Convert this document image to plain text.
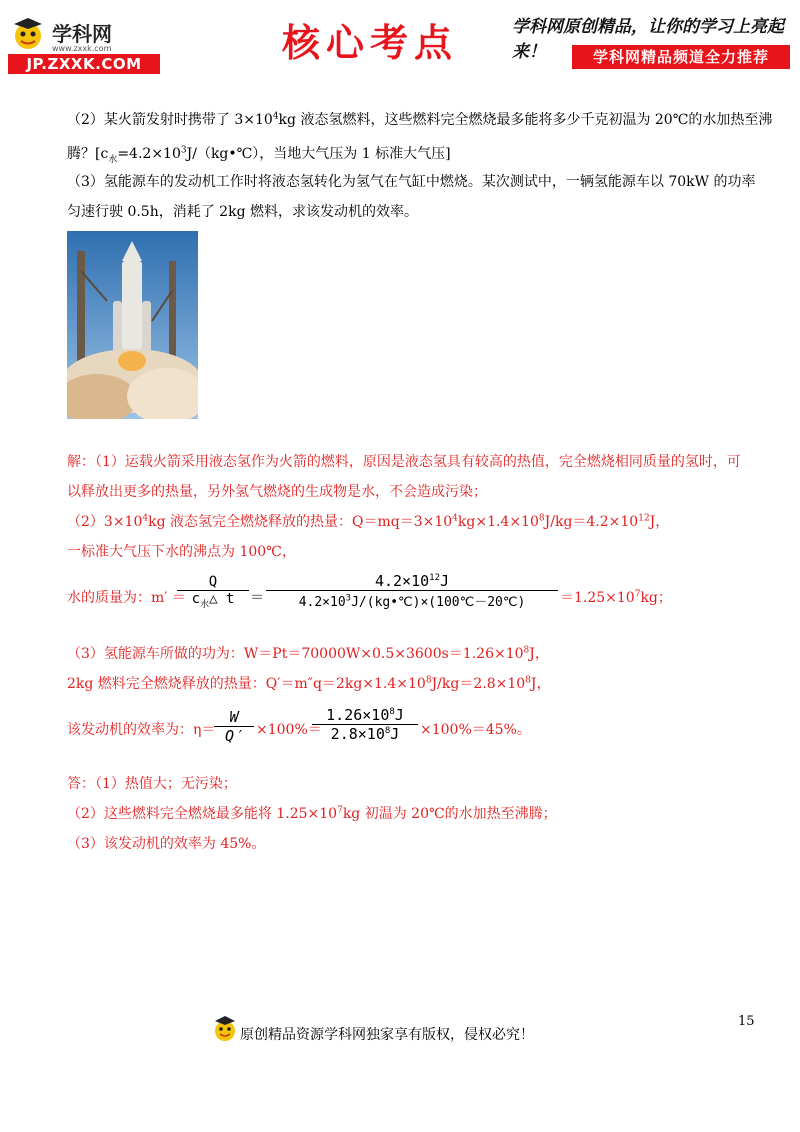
学科网
www.zxxk.com
JP.ZXXK.COM	核心考点	学科网原创精品，让你的学习上亮起来！	学科网精品频道全力推荐
（2）某火箭发射时携带了 $3\times 10^4kg$ 液态氢燃料，这些燃料完全燃烧最多能将多少千克初温为 20℃的水加热至沸
腾？[$c_水=4.2\times 10^3J/(kg•℃)$，当地大气压为 1 标准大气压]
（3）氢能源车的发动机工作时将液态氢转化为氢气在气缸中燃烧。某次测试中，一辆氢能源车以 70kW 的功率
匀速行驶 0.5h，消耗了 2kg 燃料，求该发动机的效率。
解：（1）运载火箭采用液态氢作为火箭的燃料，原因是液态氢具有较高的热值，完全燃烧相同质量的氢时，可
以释放出更多的热量，另外氢气燃烧的生成物是水，不会造成污染；
$(2)3\times 10^4kg$ 液态氢完全燃烧释放的热量：$Q=mq=3\times 10^4kg\times 1.4\times 10^8J/kg=4.2\times 10^{12}J$，
一标准大气压下水的沸点为 100℃，
水的质量为：m′ ＝
Q
$c_水\triangle$ t ＝
$4.2\times 10^{12}J$
$4.2\times 10^3J/(kg•℃)\times(100℃-20℃) =1.25\times 10^7kg$；
（3）氢能源车所做的功为：$W=Pt=70000W\times 0.5\times 3600s=1.26\times 10^8J$，
2kg 燃料完全燃烧释放的热量：$Q'=m''q=2kg\times 1.4\times 10^8J/kg=2.8\times 10^8J$，
该发动机的效率为：η＝
W
Q′ ×100%＝
$1.26\times 10^8J$
$2.8\times 10^8J \times 100\%=45\%$。
答：（1）热值大；无污染；
（2）这些燃料完全燃烧最多能将 $1.25\times 10^7kg$ 初温为 20℃的水加热至沸腾；
（3）该发动机的效率为 45%。
15
原创精品资源学科网独家享有版权，侵权必究！
